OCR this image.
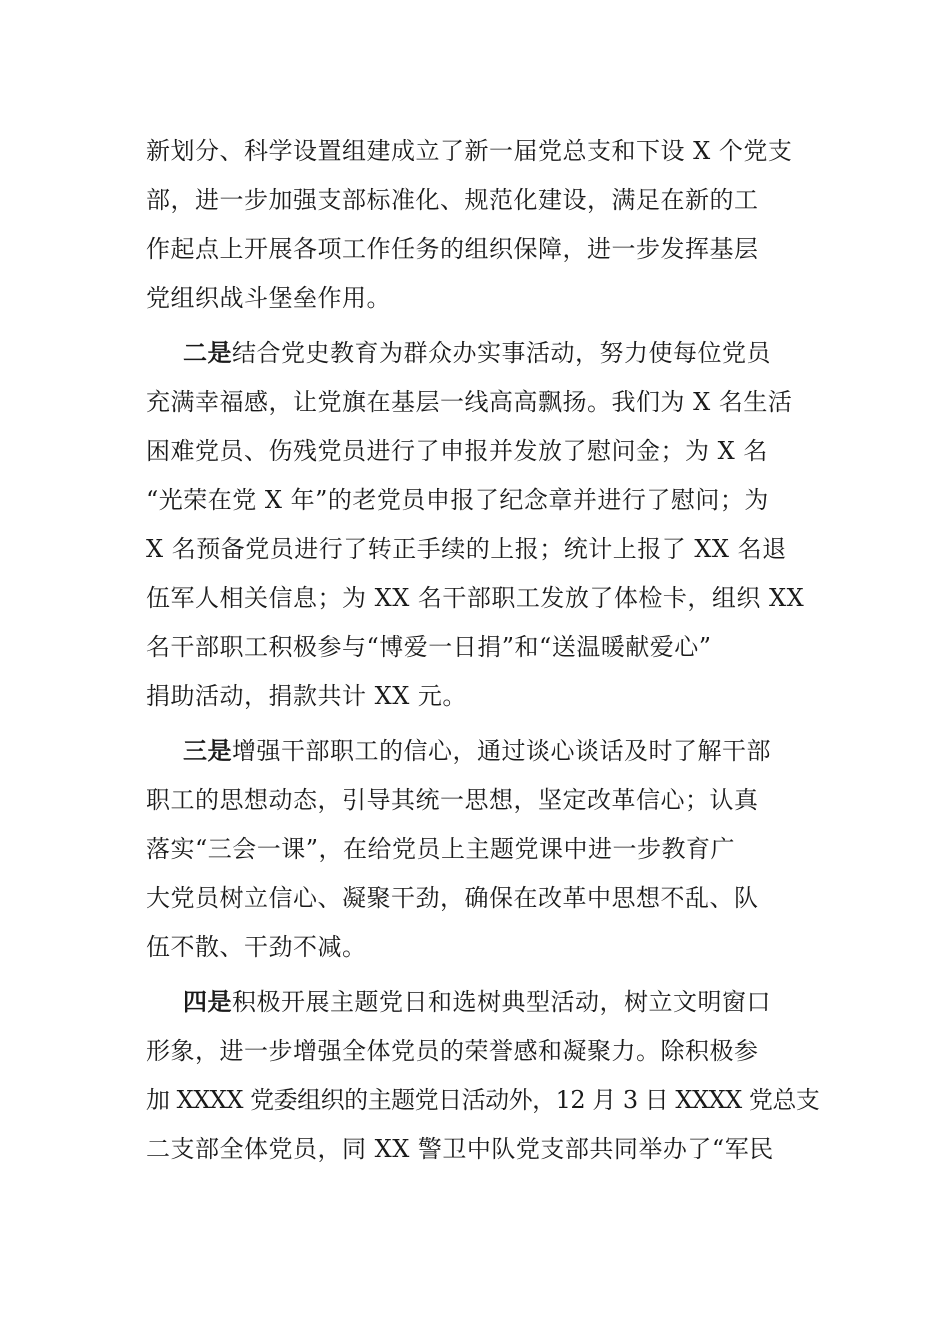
新划分、科学设置组建成立了新一届党总支和下设 X 个党支
部，进一步加强支部标准化、规范化建设，满足在新的工
作起点上开展各项工作任务的组织保障，进一步发挥基层
党组织战斗堡垒作用。
二是结合党史教育为群众办实事活动，努力使每位党员
充满幸福感，让党旗在基层一线高高飘扬。我们为 X 名生活
困难党员、伤残党员进行了申报并发放了慰问金；为 X 名
“光荣在党 X 年”的老党员申报了纪念章并进行了慰问；为
X 名预备党员进行了转正手续的上报；统计上报了 XX 名退
伍军人相关信息；为 XX 名干部职工发放了体检卡，组织 XX
名干部职工积极参与“博爱一日捐”和“送温暖献爱心”
捐助活动，捐款共计 XX 元。
三是增强干部职工的信心，通过谈心谈话及时了解干部
职工的思想动态，引导其统一思想，坚定改革信心；认真
落实“三会一课”，在给党员上主题党课中进一步教育广
大党员树立信心、凝聚干劲，确保在改革中思想不乱、队
伍不散、干劲不减。
四是积极开展主题党日和选树典型活动，树立文明窗口
形象，进一步增强全体党员的荣誉感和凝聚力。除积极参
加 XXXX 党委组织的主题党日活动外，12 月 3 日 XXXX 党总支
二支部全体党员，同 XX 警卫中队党支部共同举办了“军民
